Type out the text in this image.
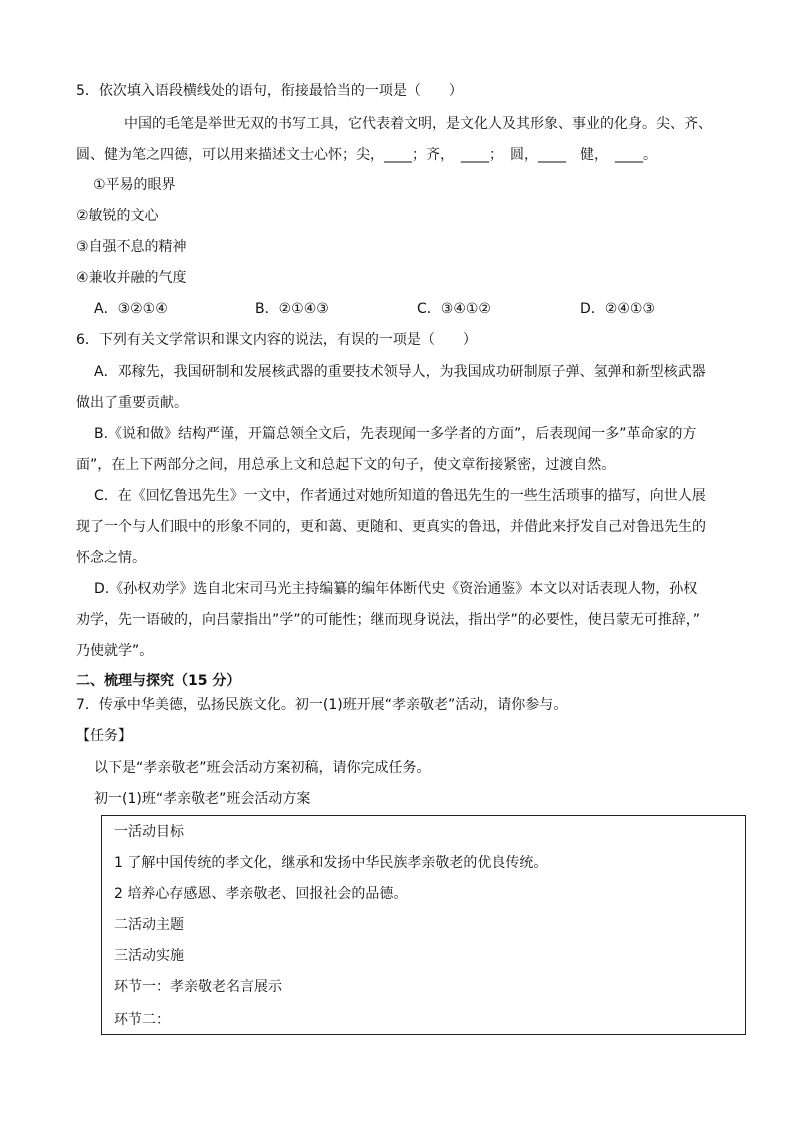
5．依次填入语段横线处的语句，衔接最恰当的一项是（　　）
中国的毛笔是举世无双的书写工具，它代表着文明，是文化人及其形象、事业的化身。尖、齐、
圆、健为笔之四德，可以用来描述文士心怀；尖，____；齐，　____；　圆，____　健，　____。
①平易的眼界
②敏锐的文心
③自强不息的精神
④兼收并融的气度
A．③②①④	B．②①④③	C．③④①②	D．②④①③
6．下列有关文学常识和课文内容的说法，有误的一项是（　　）
A．邓稼先，我国研制和发展核武器的重要技术领导人，为我国成功研制原子弹、氢弹和新型核武器
做出了重要贡献。
B.《说和做》结构严谨，开篇总领全文后，先表现闻一多学者的方面”，后表现闻一多”革命家的方
面”，在上下两部分之间，用总承上文和总起下文的句子，使文章衔接紧密，过渡自然。
C．在《回忆鲁迅先生》一文中，作者通过对她所知道的鲁迅先生的一些生活琐事的描写，向世人展
现了一个与人们眼中的形象不同的，更和蔼、更随和、更真实的鲁迅，并借此来抒发自己对鲁迅先生的
怀念之情。
D.《孙权劝学》选自北宋司马光主持编纂的编年体断代史《资治通鉴》本文以对话表现人物，孙权
劝学，先一语破的，向吕蒙指出”学”的可能性；继而现身说法，指出学”的必要性，使吕蒙无可推辞，”
乃使就学”。
二、梳理与探究（15 分）
7．传承中华美德，弘扬民族文化。初一(1)班开展“孝亲敬老”活动，请你参与。
【任务】
以下是“孝亲敬老”班会活动方案初稿，请你完成任务。
初一(1)班“孝亲敬老”班会活动方案
一活动目标
1 了解中国传统的孝文化，继承和发扬中华民族孝亲敬老的优良传统。
2 培养心存感恩、孝亲敬老、回报社会的品德。
二活动主题
三活动实施
环节一：孝亲敬老名言展示
环节二：
